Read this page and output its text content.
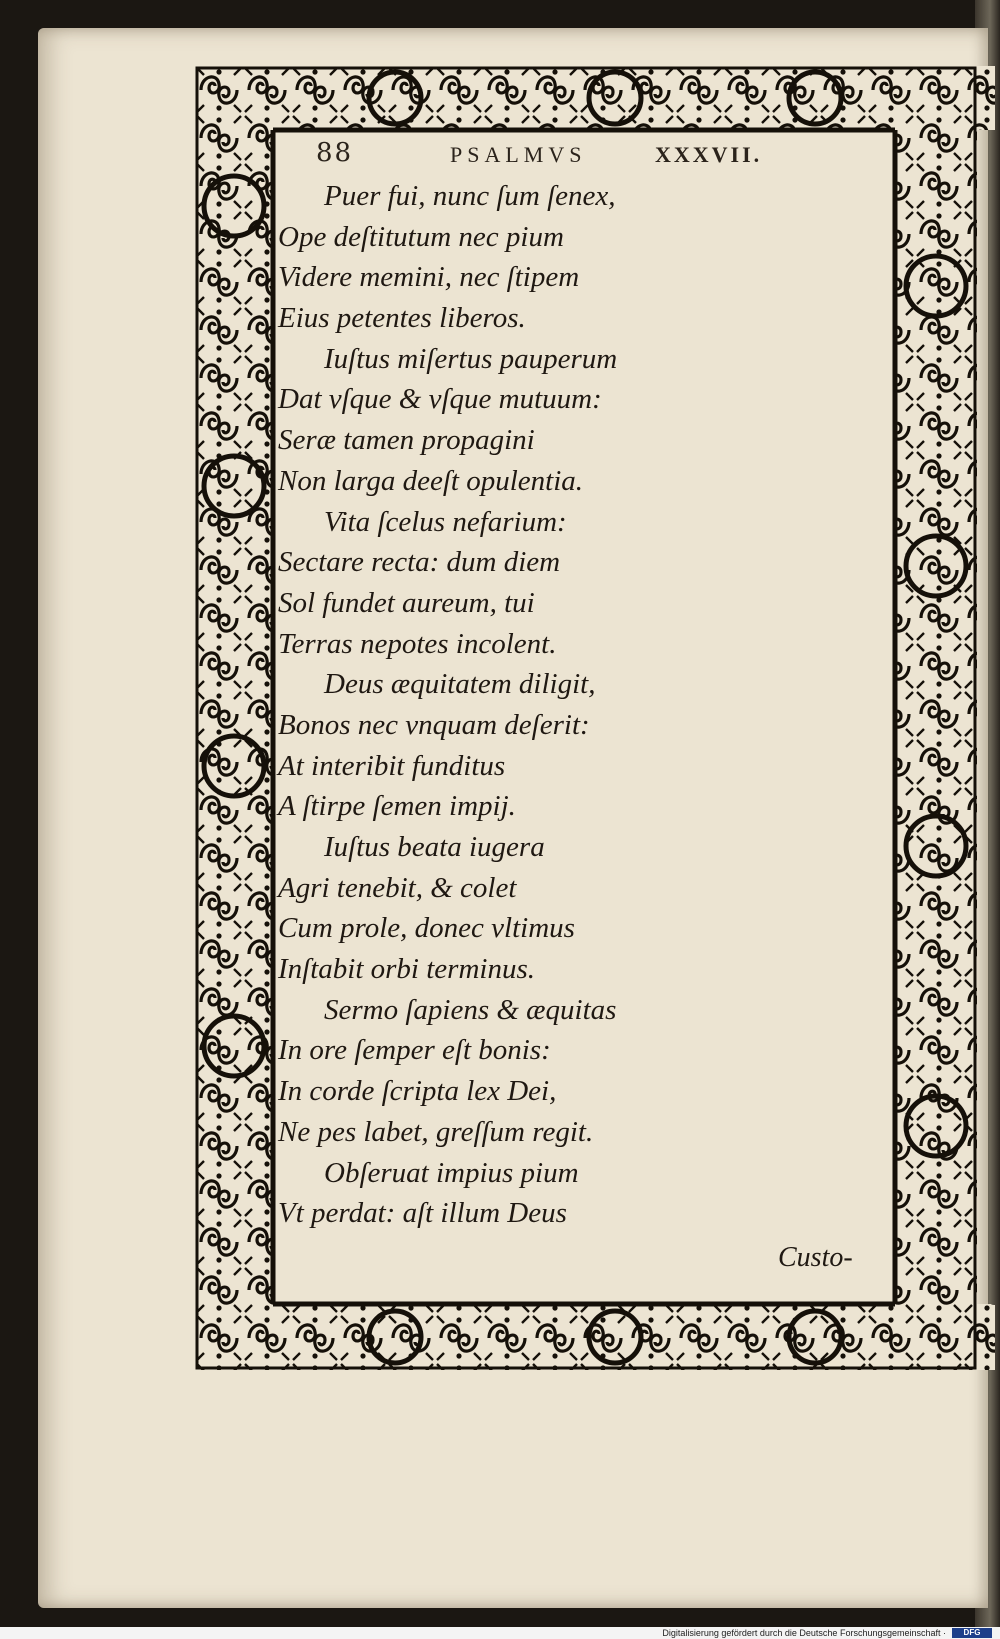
88	PSALMVS	XXXVII.
Puer fui, nunc ſum ſenex,
Ope deſtitutum nec pium
Videre memini, nec ſtipem
Eius petentes liberos.
Iuſtus miſertus pauperum
Dat vſque & vſque mutuum:
Seræ tamen propagini
Non larga deeſt opulentia.
Vita ſcelus nefarium:
Sectare recta: dum diem
Sol fundet aureum, tui
Terras nepotes incolent.
Deus æquitatem diligit,
Bonos nec vnquam deſerit:
At interibit funditus
A ſtirpe ſemen impij.
Iuſtus beata iugera
Agri tenebit, & colet
Cum prole, donec vltimus
Inſtabit orbi terminus.
Sermo ſapiens & æquitas
In ore ſemper eſt bonis:
In corde ſcripta lex Dei,
Ne pes labet, greſſum regit.
Obſeruat impius pium
Vt perdat: aſt illum Deus
Custo-
Digitalisierung gefördert durch die Deutsche Forschungsgemeinschaft ·	DFG
